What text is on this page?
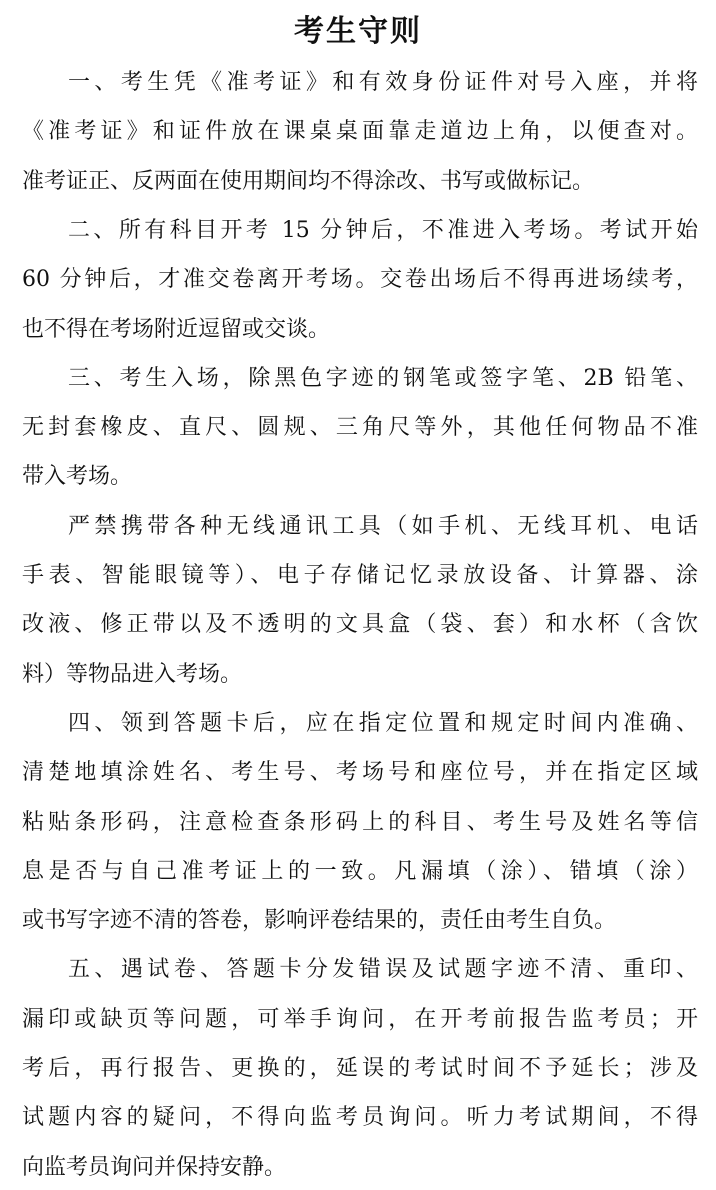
考生守则
一、考生凭《准考证》和有效身份证件对号入座，并将
《准考证》和证件放在课桌桌面靠走道边上角，以便查对。
准考证正、反两面在使用期间均不得涂改、书写或做标记。
二、所有科目开考 15 分钟后，不准进入考场。考试开始
60 分钟后，才准交卷离开考场。交卷出场后不得再进场续考，
也不得在考场附近逗留或交谈。
三、考生入场，除黑色字迹的钢笔或签字笔、2B 铅笔、
无封套橡皮、直尺、圆规、三角尺等外，其他任何物品不准
带入考场。
严禁携带各种无线通讯工具（如手机、无线耳机、电话
手表、智能眼镜等）、电子存储记忆录放设备、计算器、涂
改液、修正带以及不透明的文具盒（袋、套）和水杯（含饮
料）等物品进入考场。
四、领到答题卡后，应在指定位置和规定时间内准确、
清楚地填涂姓名、考生号、考场号和座位号，并在指定区域
粘贴条形码，注意检查条形码上的科目、考生号及姓名等信
息是否与自己准考证上的一致。凡漏填（涂）、错填（涂）
或书写字迹不清的答卷，影响评卷结果的，责任由考生自负。
五、遇试卷、答题卡分发错误及试题字迹不清、重印、
漏印或缺页等问题，可举手询问，在开考前报告监考员；开
考后，再行报告、更换的，延误的考试时间不予延长；涉及
试题内容的疑问，不得向监考员询问。听力考试期间，不得
向监考员询问并保持安静。
